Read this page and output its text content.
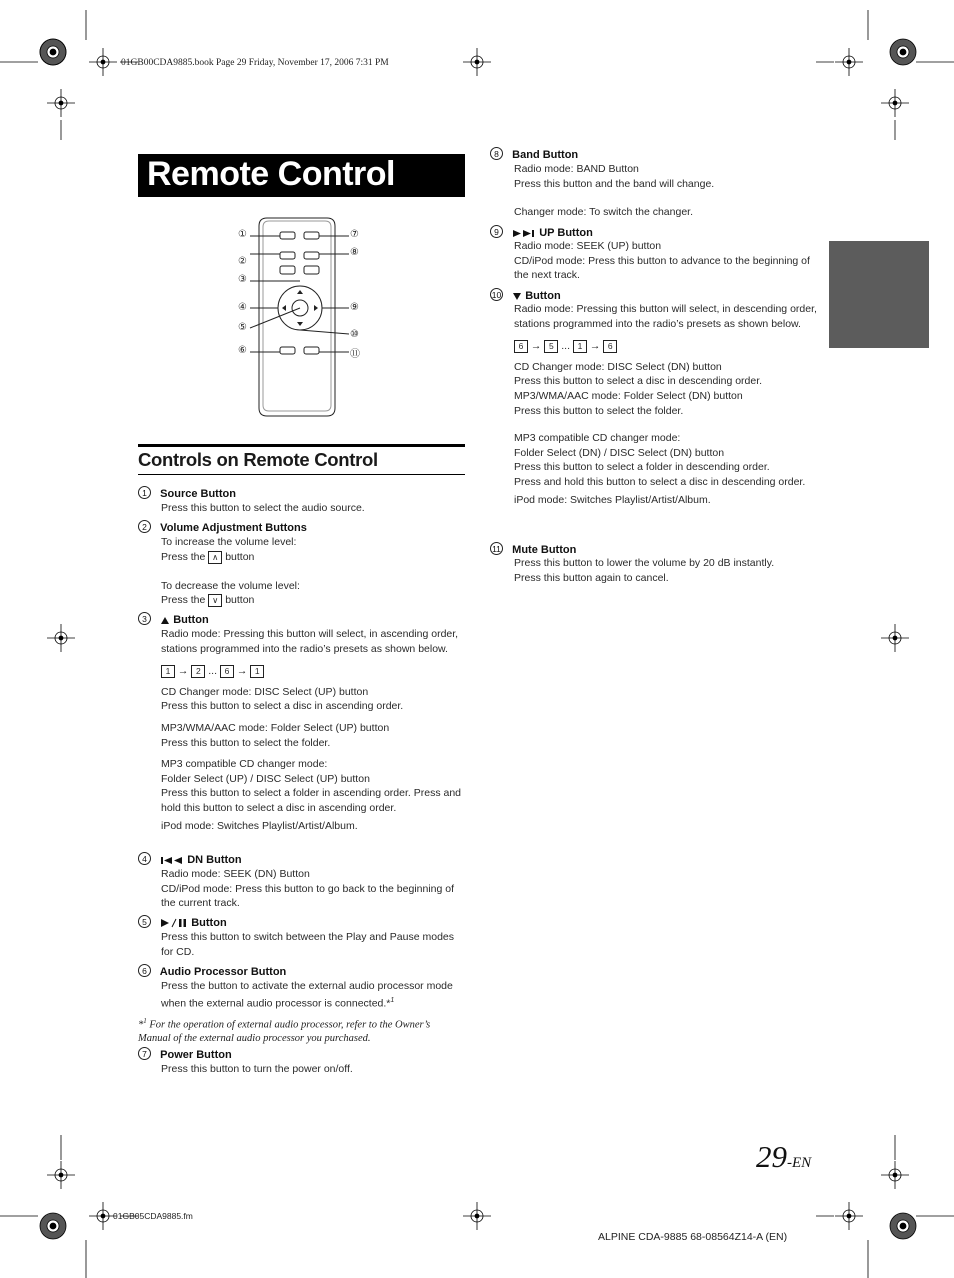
01GB00CDA9885.book Page 29 Friday, November 17, 2006 7:31 PM
Remote Control
①
②
③
④
⑤
⑥
⑦
⑧
⑨
⑩
⑪
Controls on Remote Control
1 Source Button

Press this button to select the audio source.

2 Volume Adjustment Buttons

To increase the volume level:

Press the ∧ button

To decrease the volume level:

Press the ∨ button

3 Button

Radio mode: Pressing this button will select, in ascending order, stations programmed into the radio’s presets as shown below.

1 → 2 ... 6 → 1

CD Changer mode: DISC Select (UP) button

Press this button to select a disc in ascending order.

MP3/WMA/AAC mode: Folder Select (UP) button

Press this button to select the folder.

MP3 compatible CD changer mode:

Folder Select (UP) / DISC Select (UP) button

Press this button to select a folder in ascending order. Press and hold this button to select a disc in ascending order.

iPod mode: Switches Playlist/Artist/Album.

4	DN Button

Radio mode: SEEK (DN) Button

CD/iPod mode: Press this button to go back to the beginning of the current track.

5	Button

Press this button to switch between the Play and Pause modes for CD.

6 Audio Processor Button

Press the button to activate the external audio processor mode when the external audio processor is connected.*$^1$

*$^1$ For the operation of external audio processor, refer to the Owner’s Manual of the external audio processor you purchased.
7 Power Button

Press this button to turn the power on/off.

8 Band Button

Radio mode: BAND Button

Press this button and the band will change.

Changer mode: To switch the changer.

9	UP Button

Radio mode: SEEK (UP) button

CD/iPod mode: Press this button to advance to the beginning of the next track.

10 Button

Radio mode: Pressing this button will select, in descending order, stations programmed into the radio’s presets as shown below.

6 → 5 ... 1 → 6

CD Changer mode: DISC Select (DN) button

Press this button to select a disc in descending order.

MP3/WMA/AAC mode: Folder Select (DN) button

Press this button to select the folder.

MP3 compatible CD changer mode:

Folder Select (DN) / DISC Select (DN) button

Press this button to select a folder in descending order.

Press and hold this button to select a disc in descending order.

iPod mode: Switches Playlist/Artist/Album.

11 Mute Button

Press this button to lower the volume by 20 dB instantly.

Press this button again to cancel.

29-EN
01GB05CDA9885.fm
ALPINE CDA-9885 68-08564Z14-A (EN)
